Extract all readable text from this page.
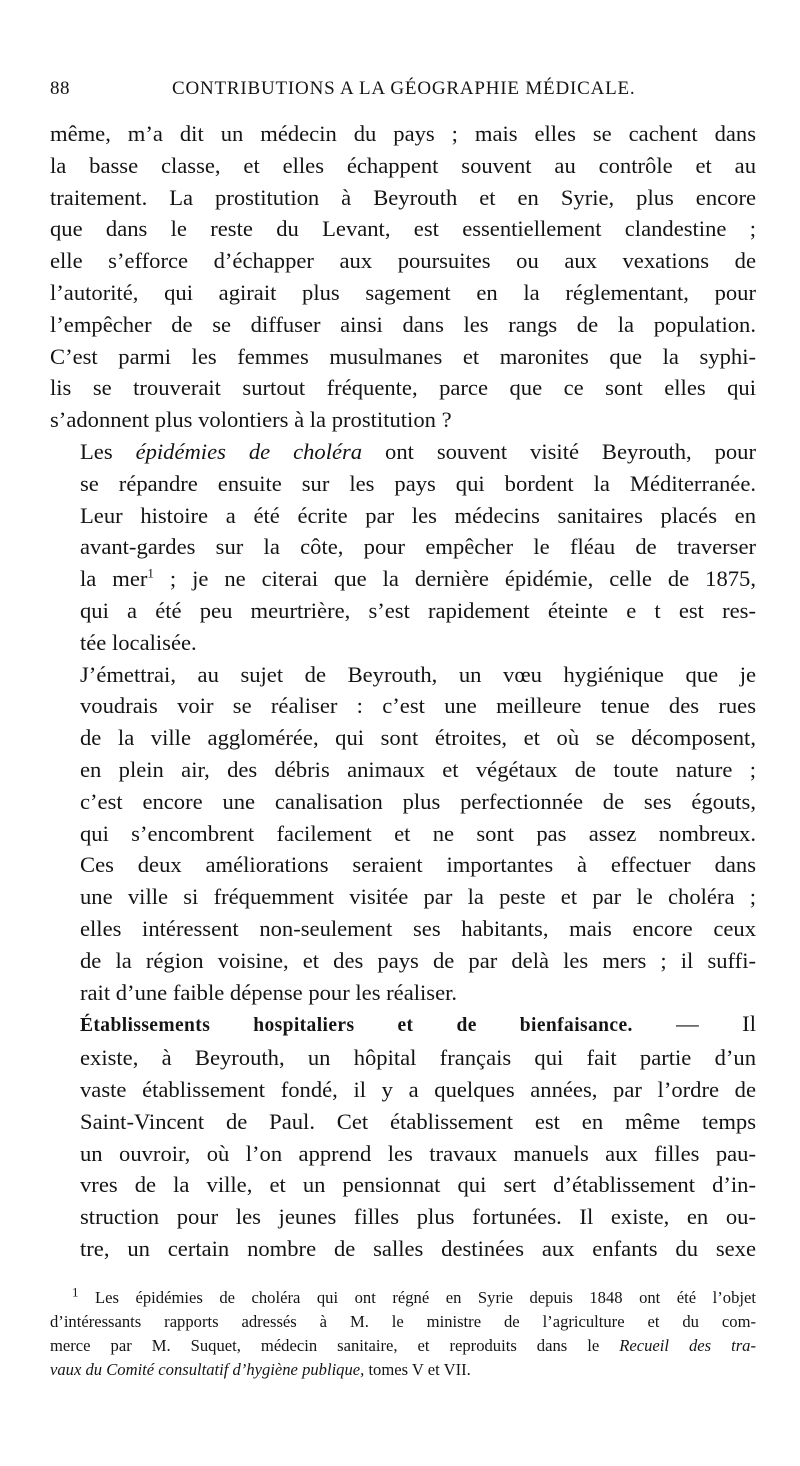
88	CONTRIBUTIONS A LA GÉOGRAPHIE MÉDICALE.

même, m’a dit un médecin du pays ; mais elles se cachent dans
la basse classe, et elles échappent souvent au contrôle et au
traitement. La prostitution à Beyrouth et en Syrie, plus encore
que dans le reste du Levant, est essentiellement clandestine ;
elle s’efforce d’échapper aux poursuites ou aux vexations de
l’autorité, qui agirait plus sagement en la réglementant, pour
l’empêcher de se diffuser ainsi dans les rangs de la population.
C’est parmi les femmes musulmanes et maronites que la syphi-
lis se trouverait surtout fréquente, parce que ce sont elles qui
s’adonnent plus volontiers à la prostitution ?

Les épidémies de choléra ont souvent visité Beyrouth, pour
se répandre ensuite sur les pays qui bordent la Méditerranée.
Leur histoire a été écrite par les médecins sanitaires placés en
avant-gardes sur la côte, pour empêcher le fléau de traverser
la mer$^1$ ; je ne citerai que la dernière épidémie, celle de 1875,
qui a été peu meurtrière, s’est rapidement éteinte e t est res-
tée localisée.

J’émettrai, au sujet de Beyrouth, un vœu hygiénique que je
voudrais voir se réaliser : c’est une meilleure tenue des rues
de la ville agglomérée, qui sont étroites, et où se décomposent,
en plein air, des débris animaux et végétaux de toute nature ;
c’est encore une canalisation plus perfectionnée de ses égouts,
qui s’encombrent facilement et ne sont pas assez nombreux.
Ces deux améliorations seraient importantes à effectuer dans
une ville si fréquemment visitée par la peste et par le choléra ;
elles intéressent non-seulement ses habitants, mais encore ceux
de la région voisine, et des pays de par delà les mers ; il suffi-
rait d’une faible dépense pour les réaliser.

Établissements hospitaliers et de bienfaisance. — Il
existe, à Beyrouth, un hôpital français qui fait partie d’un
vaste établissement fondé, il y a quelques années, par l’ordre de
Saint-Vincent de Paul. Cet établissement est en même temps
un ouvroir, où l’on apprend les travaux manuels aux filles pau-
vres de la ville, et un pensionnat qui sert d’établissement d’in-
struction pour les jeunes filles plus fortunées. Il existe, en ou-
tre, un certain nombre de salles destinées aux enfants du sexe

$^1$ Les épidémies de choléra qui ont régné en Syrie depuis 1848 ont été l’objet
d’intéressants rapports adressés à M. le ministre de l’agriculture et du com-
merce par M. Suquet, médecin sanitaire, et reproduits dans le Recueil des tra-
vaux du Comité consultatif d’hygiène publique, tomes V et VII.
